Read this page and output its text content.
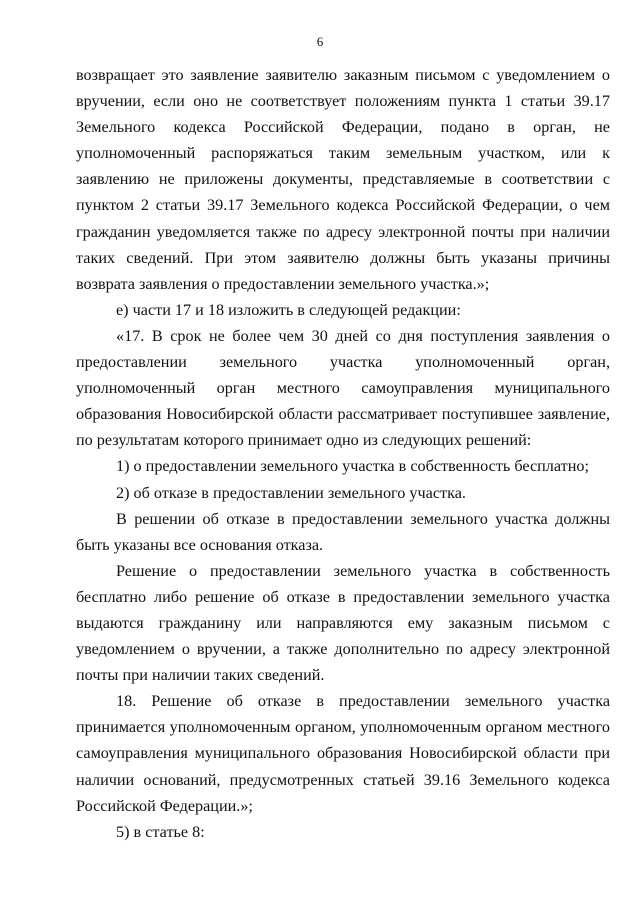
6

возвращает это заявление заявителю заказным письмом с уведомлением о вручении, если оно не соответствует положениям пункта 1 статьи 39.17 Земельного кодекса Российской Федерации, подано в орган, не уполномоченный распоряжаться таким земельным участком, или к заявлению не приложены документы, представляемые в соответствии с пунктом 2 статьи 39.17 Земельного кодекса Российской Федерации, о чем гражданин уведомляется также по адресу электронной почты при наличии таких сведений. При этом заявителю должны быть указаны причины возврата заявления о предоставлении земельного участка.»;

е) части 17 и 18 изложить в следующей редакции:

«17. В срок не более чем 30 дней со дня поступления заявления о предоставлении земельного участка уполномоченный орган, уполномоченный орган местного самоуправления муниципального образования Новосибирской области рассматривает поступившее заявление, по результатам которого принимает одно из следующих решений:

1) о предоставлении земельного участка в собственность бесплатно;

2) об отказе в предоставлении земельного участка.

В решении об отказе в предоставлении земельного участка должны быть указаны все основания отказа.

Решение о предоставлении земельного участка в собственность бесплатно либо решение об отказе в предоставлении земельного участка выдаются гражданину или направляются ему заказным письмом с уведомлением о вручении, а также дополнительно по адресу электронной почты при наличии таких сведений.

18. Решение об отказе в предоставлении земельного участка принимается уполномоченным органом, уполномоченным органом местного самоуправления муниципального образования Новосибирской области при наличии оснований, предусмотренных статьей 39.16 Земельного кодекса Российской Федерации.»;

5) в статье 8:
